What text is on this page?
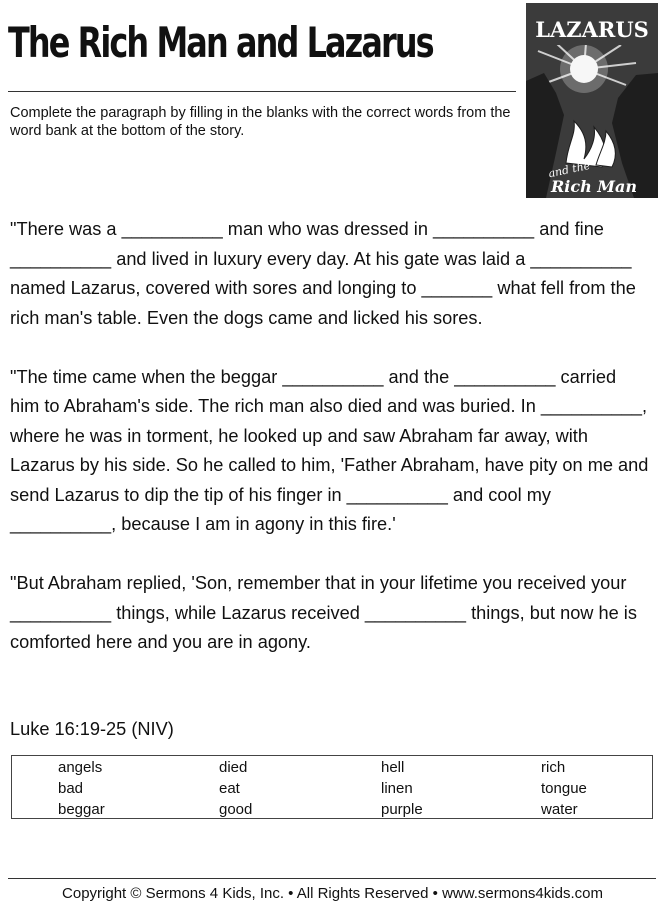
The Rich Man and Lazarus
Complete the paragraph by filling in the blanks with the correct words from the word bank at the bottom of the story.
LAZARUS
and the
Rich Man

"There was a __________ man who was dressed in __________ and fine __________ and lived in luxury every day. At his gate was laid a __________ named Lazarus, covered with sores and longing to _______ what fell from the rich man's table. Even the dogs came and licked his sores.

"The time came when the beggar __________ and the __________ carried him to Abraham's side. The rich man also died and was buried. In __________, where he was in torment, he looked up and saw Abraham far away, with Lazarus by his side. So he called to him, 'Father Abraham, have pity on me and send Lazarus to dip the tip of his finger in __________ and cool my __________, because I am in agony in this fire.'

"But Abraham replied, 'Son, remember that in your lifetime you received your __________ things, while Lazarus received __________ things, but now he is comforted here and you are in agony.

Luke 16:19-25 (NIV)
angels	died	hell	rich
bad	eat	linen	tongue
beggar	good	purple	water
Copyright © Sermons 4 Kids, Inc. • All Rights Reserved • www.sermons4kids.com
